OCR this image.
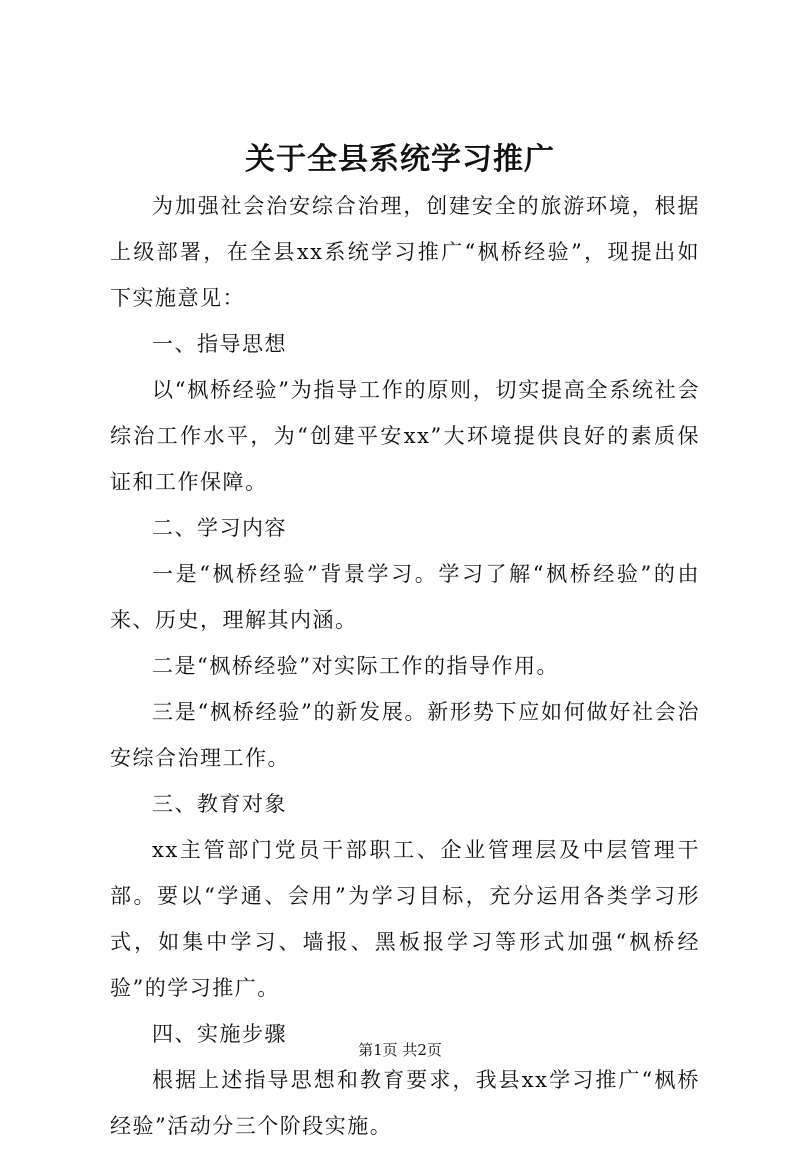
关于全县系统学习推广

为加强社会治安综合治理，创建安全的旅游环境，根据上级部署，在全县xx系统学习推广“枫桥经验”，现提出如下实施意见：

一、指导思想

以“枫桥经验”为指导工作的原则，切实提高全系统社会综治工作水平，为“创建平安xx”大环境提供良好的素质保证和工作保障。

二、学习内容

一是“枫桥经验”背景学习。学习了解“枫桥经验”的由来、历史，理解其内涵。

二是“枫桥经验”对实际工作的指导作用。

三是“枫桥经验”的新发展。新形势下应如何做好社会治安综合治理工作。

三、教育对象

xx主管部门党员干部职工、企业管理层及中层管理干部。要以“学通、会用”为学习目标，充分运用各类学习形式，如集中学习、墙报、黑板报学习等形式加强“枫桥经验”的学习推广。

四、实施步骤

根据上述指导思想和教育要求，我县xx学习推广“枫桥经验”活动分三个阶段实施。

第1页 共2页
